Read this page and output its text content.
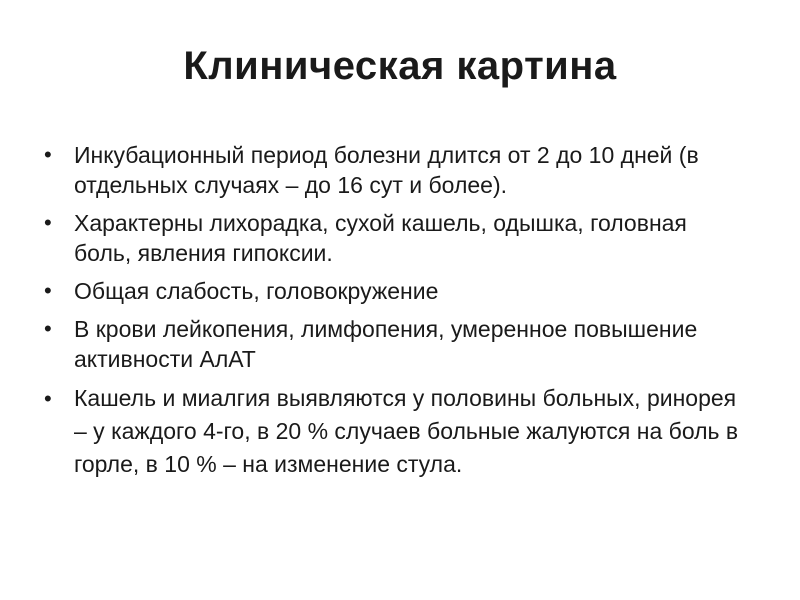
Клиническая картина
• Инкубационный период болезни длится от 2 до 10 дней (в отдельных случаях – до 16 сут и более).
• Характерны лихорадка, сухой кашель, одышка, головная боль, явления гипоксии.
• Общая слабость, головокружение
• В крови лейкопения, лимфопения, умеренное повышение активности АлАТ
• Кашель и миалгия выявляются у половины больных, ринорея – у каждого 4-го, в 20 % случаев больные жалуются на боль в горле, в 10 % – на изменение стула.
